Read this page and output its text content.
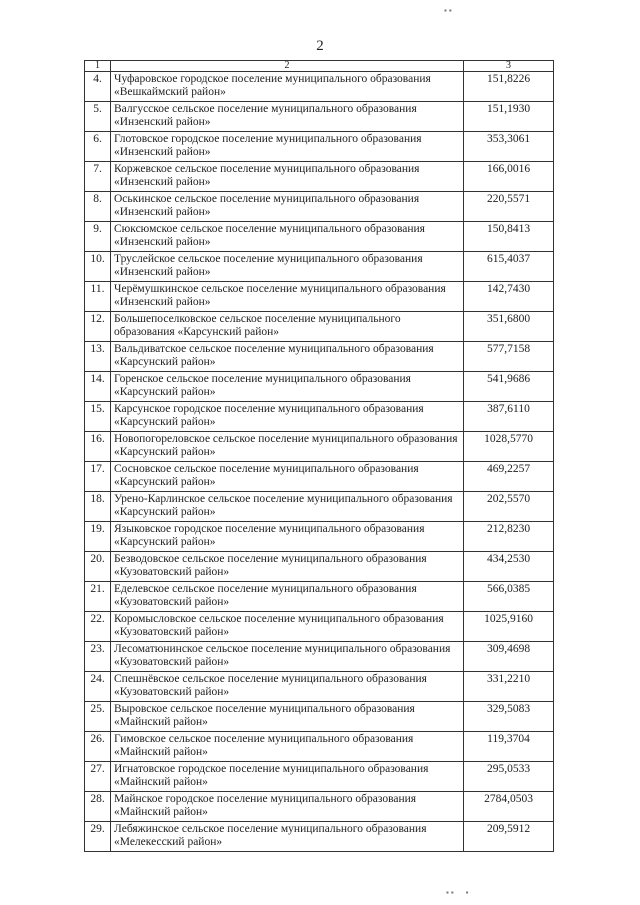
▪ ▪
2
1	2	3
4.	Чуфаровское городское поселение муниципального образования «Вешкаймский район»	151,8226
5.	Валгусское сельское поселение муниципального образования «Инзенский район»	151,1930
6.	Глотовское городское поселение муниципального образования «Инзенский район»	353,3061
7.	Коржевское сельское поселение муниципального образования «Инзенский район»	166,0016
8.	Оськинское сельское поселение муниципального образования «Инзенский район»	220,5571
9.	Сюксюмское сельское поселение муниципального образования «Инзенский район»	150,8413
10.	Труслейское сельское поселение муниципального образования «Инзенский район»	615,4037
11.	Черёмушкинское сельское поселение муниципального образования «Инзенский район»	142,7430
12.	Большепоселковское сельское поселение муниципального образования «Карсунский район»	351,6800
13.	Вальдиватское сельское поселение муниципального образования «Карсунский район»	577,7158
14.	Горенское сельское поселение муниципального образования «Карсунский район»	541,9686
15.	Карсунское городское поселение муниципального образования «Карсунский район»	387,6110
16.	Новопогореловское сельское поселение муниципального образования «Карсунский район»	1028,5770
17.	Сосновское сельское поселение муниципального образования «Карсунский район»	469,2257
18.	Урено-Карлинское сельское поселение муниципального образования «Карсунский район»	202,5570
19.	Языковское городское поселение муниципального образования «Карсунский район»	212,8230
20.	Безводовское сельское поселение муниципального образования «Кузоватовский район»	434,2530
21.	Еделевское сельское поселение муниципального образования «Кузоватовский район»	566,0385
22.	Коромысловское сельское поселение муниципального образования «Кузоватовский район»	1025,9160
23.	Лесоматюнинское сельское поселение муниципального образования «Кузоватовский район»	309,4698
24.	Спешнёвское сельское поселение муниципального образования «Кузоватовский район»	331,2210
25.	Выровское сельское поселение муниципального образования «Майнский район»	329,5083
26.	Гимовское сельское поселение муниципального образования «Майнский район»	119,3704
27.	Игнатовское городское поселение муниципального образования «Майнский район»	295,0533
28.	Майнское городское поселение муниципального образования «Майнский район»	2784,0503
29.	Лебяжинское сельское поселение муниципального образования «Мелекесский район»	209,5912
▪ ▪      ▪
